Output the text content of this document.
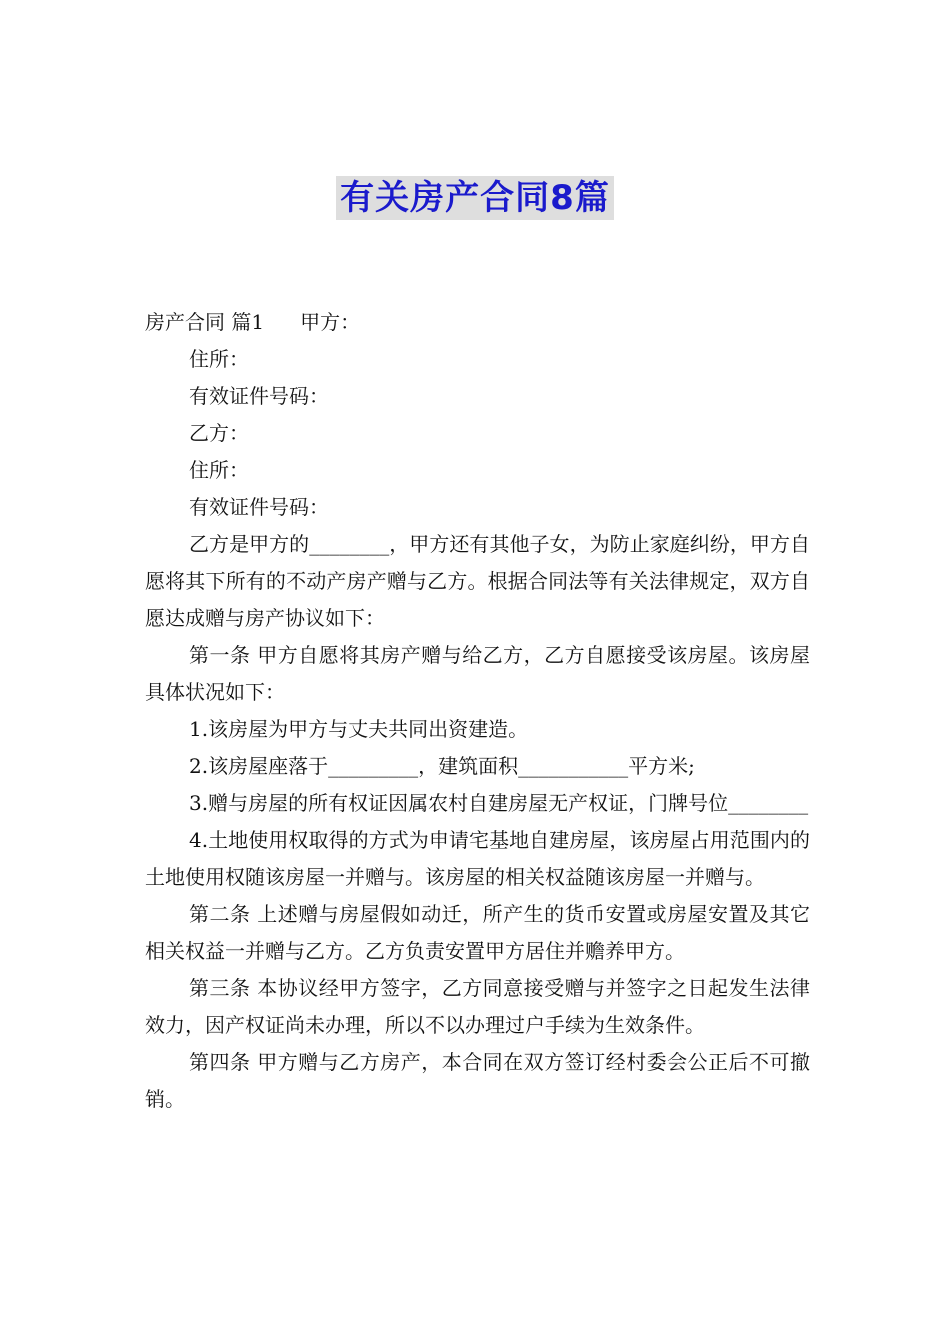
有关房产合同8篇

房产合同 篇1 甲方：

住所：

有效证件号码：

乙方：

住所：

有效证件号码：

乙方是甲方的________，甲方还有其他子女，为防止家庭纠纷，甲方自愿将其下所有的不动产房产赠与乙方。根据合同法等有关法律规定，双方自愿达成赠与房产协议如下：

第一条 甲方自愿将其房产赠与给乙方，乙方自愿接受该房屋。该房屋具体状况如下：

1.该房屋为甲方与丈夫共同出资建造。

2.该房屋座落于_________，建筑面积___________平方米;

3.赠与房屋的所有权证因属农村自建房屋无产权证，门牌号位________

4.土地使用权取得的方式为申请宅基地自建房屋，该房屋占用范围内的土地使用权随该房屋一并赠与。该房屋的相关权益随该房屋一并赠与。

第二条 上述赠与房屋假如动迁，所产生的货币安置或房屋安置及其它相关权益一并赠与乙方。乙方负责安置甲方居住并赡养甲方。

第三条 本协议经甲方签字，乙方同意接受赠与并签字之日起发生法律效力，因产权证尚未办理，所以不以办理过户手续为生效条件。

第四条 甲方赠与乙方房产，本合同在双方签订经村委会公正后不可撤销。
